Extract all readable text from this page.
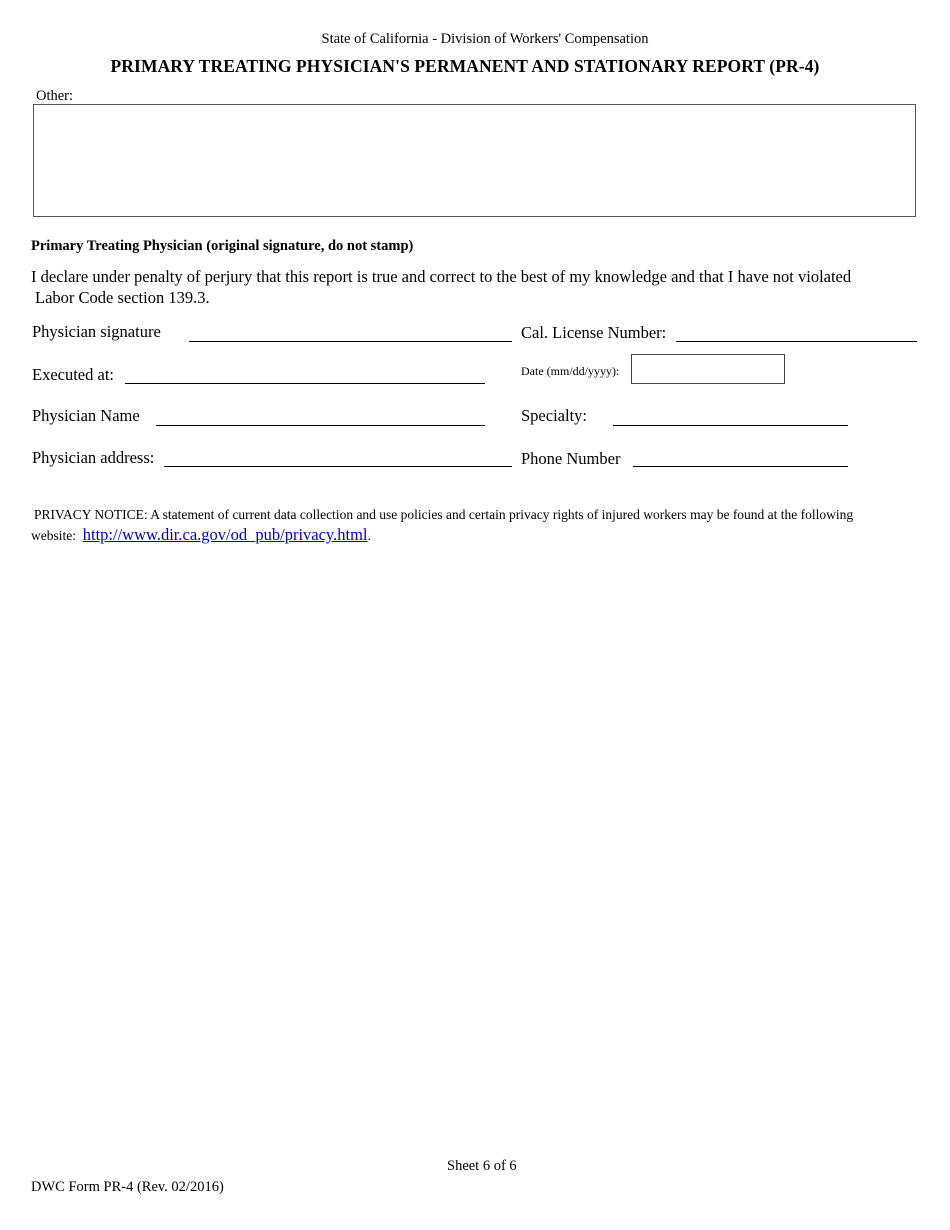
State of California - Division of Workers' Compensation
PRIMARY TREATING PHYSICIAN'S PERMANENT AND STATIONARY REPORT (PR-4)
Other:
Primary Treating Physician (original signature, do not stamp)
I declare under penalty of perjury that this report is true and correct to the best of my knowledge and that I have not violated
Labor Code section 139.3.
Physician signature	Cal. License Number:
Executed at:	Date (mm/dd/yyyy):
Physician Name	Specialty:
Physician address:	Phone Number
PRIVACY NOTICE: A statement of current data collection and use policies and certain privacy rights of injured workers may be found at the following
website: http://www.dir.ca.gov/od_pub/privacy.html.
Sheet 6 of 6
DWC Form PR-4 (Rev. 02/2016)
